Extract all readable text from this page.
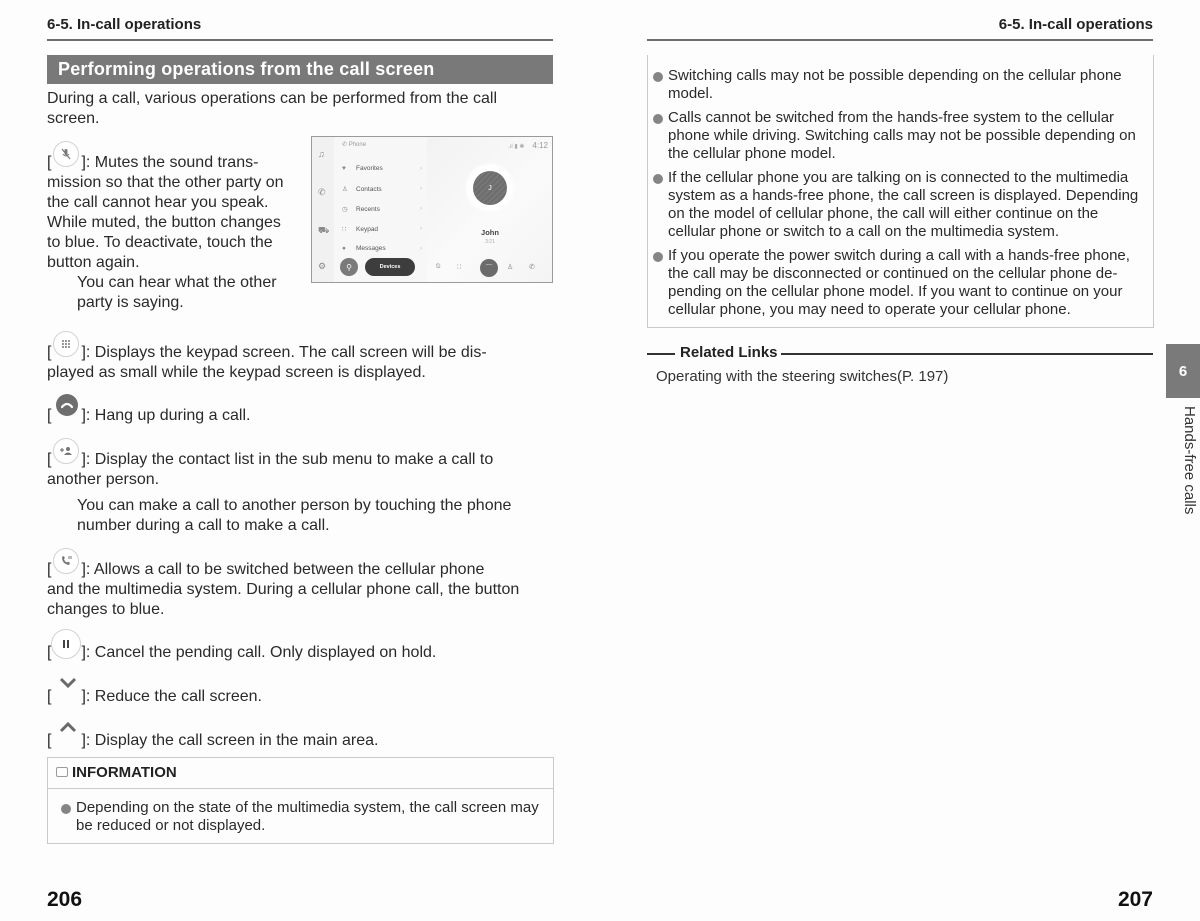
6-5. In-call operations
Performing operations from the call screen
During a call, various operations can be performed from the call screen.
[ ]: Mutes the sound trans-
mission so that the other party on
the call cannot hear you speak.
While muted, the button changes
to blue. To deactivate, touch the
button again.
You can hear what the other
party is saying.
♫
✆
⛟
⚙
✆ Phone
♥ Favorites	›
♙ Contacts	›
◷ Recents	›
∷ Keypad	›
● Messages	›
⚲	Devices
.ıl ▮ ✱ 4:12
J
John
3:21
⍉ ∷	⌒ ♙ ✆
[ ]: Displays the keypad screen. The call screen will be dis-
played as small while the keypad screen is displayed.
[ ]: Hang up during a call.
[ ]: Display the contact list in the sub menu to make a call to
another person.
You can make a call to another person by touching the phone
number during a call to make a call.
[ ]: Allows a call to be switched between the cellular phone
and the multimedia system. During a cellular phone call, the button
changes to blue.
[ ]: Cancel the pending call. Only displayed on hold.
[ ]: Reduce the call screen.
[ ]: Display the call screen in the main area.
INFORMATION
Depending on the state of the multimedia system, the call screen may be reduced or not displayed.
206
6-5. In-call operations
Switching calls may not be possible depending on the cellular phone model.
Calls cannot be switched from the hands-free system to the cellular phone while driving. Switching calls may not be possible depending on the cellular phone model.
If the cellular phone you are talking on is connected to the multimedia system as a hands-free phone, the call screen is displayed. Depending on the model of cellular phone, the call will either continue on the cellular phone or switch to a call on the multimedia system.
If you operate the power switch during a call with a hands-free phone, the call may be disconnected or continued on the cellular phone de-pending on the cellular phone model. If you want to continue on your cellular phone, you may need to operate your cellular phone.
Related Links
Operating with the steering switches(P. 197)	6
Hands-free calls
207
